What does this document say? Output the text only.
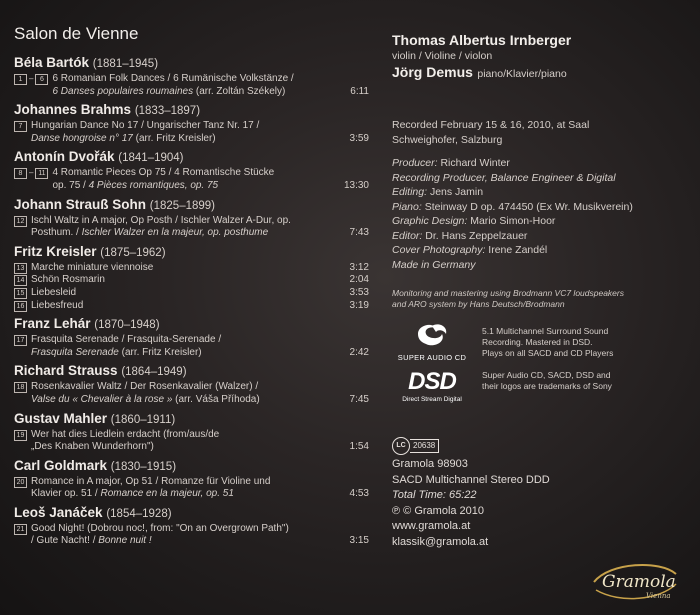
Salon de Vienne
Béla Bartók (1881–1945)
1 – 6 6 Romanian Folk Dances / 6 Rumänische Volkstänze /
6 Danses populaires roumaines (arr. Zoltán Székely)	6:11
Johannes Brahms (1833–1897)
7 Hungarian Dance No 17 / Ungarischer Tanz Nr. 17 /
Danse hongroise n° 17 (arr. Fritz Kreisler)	3:59
Antonín Dvořák (1841–1904)
8 – 11 4 Romantic Pieces Op 75 / 4 Romantische Stücke
op. 75 / 4 Pièces romantiques, op. 75	13:30
Johann Strauß Sohn (1825–1899)
12 Ischl Waltz in A major, Op Posth / Ischler Walzer A-Dur, op.
Posthum. / Ischler Walzer en la majeur, op. posthume	7:43
Fritz Kreisler (1875–1962)
13 Marche miniature viennoise	3:12
14 Schön Rosmarin	2:04
15 Liebesleid	3:53
16 Liebesfreud	3:19
Franz Lehár (1870–1948)
17 Frasquita Serenade / Frasquita-Serenade /
Frasquita Serenade (arr. Fritz Kreisler)	2:42
Richard Strauss (1864–1949)
18 Rosenkavalier Waltz / Der Rosenkavalier (Walzer) /
Valse du « Chevalier à la rose » (arr. Váša Příhoda)	7:45
Gustav Mahler (1860–1911)
19 Wer hat dies Liedlein erdacht (from/aus/de
„Des Knaben Wunderhorn")	1:54
Carl Goldmark (1830–1915)
20 Romance in A major, Op 51 / Romanze für Violine und
Klavier op. 51 / Romance en la majeur, op. 51	4:53
Leoš Janáček (1854–1928)
21 Good Night! (Dobrou noc!, from: "On an Overgrown Path")
/ Gute Nacht! / Bonne nuit !	3:15
Thomas Albertus Irnberger
violin / Violine / violon
Jörg Demus piano/Klavier/piano
Recorded February 15 & 16, 2010, at Saal
Schweighofer, Salzburg
Producer: Richard Winter
Recording Producer, Balance Engineer & Digital
Editing: Jens Jamin
Piano: Steinway D op. 474450 (Ex Wr. Musikverein)
Graphic Design: Mario Simon-Hoor
Editor: Dr. Hans Zeppelzauer
Cover Photography: Irene Zandél
Made in Germany
Monitoring and mastering using Brodmann VC7 loudspeakers
and ARO system by Hans Deutsch/Brodmann
SUPER AUDIO CD
5.1 Multichannel Surround Sound
Recording. Mastered in DSD.
Plays on all SACD and CD Players
DSD
Direct Stream Digital
Super Audio CD, SACD, DSD and
their logos are trademarks of Sony
LC 20638
Gramola 98903
SACD Multichannel Stereo DDD
Total Time: 65:22
℗ © Gramola 2010
www.gramola.at
klassik@gramola.at
Gramola
Vienna
